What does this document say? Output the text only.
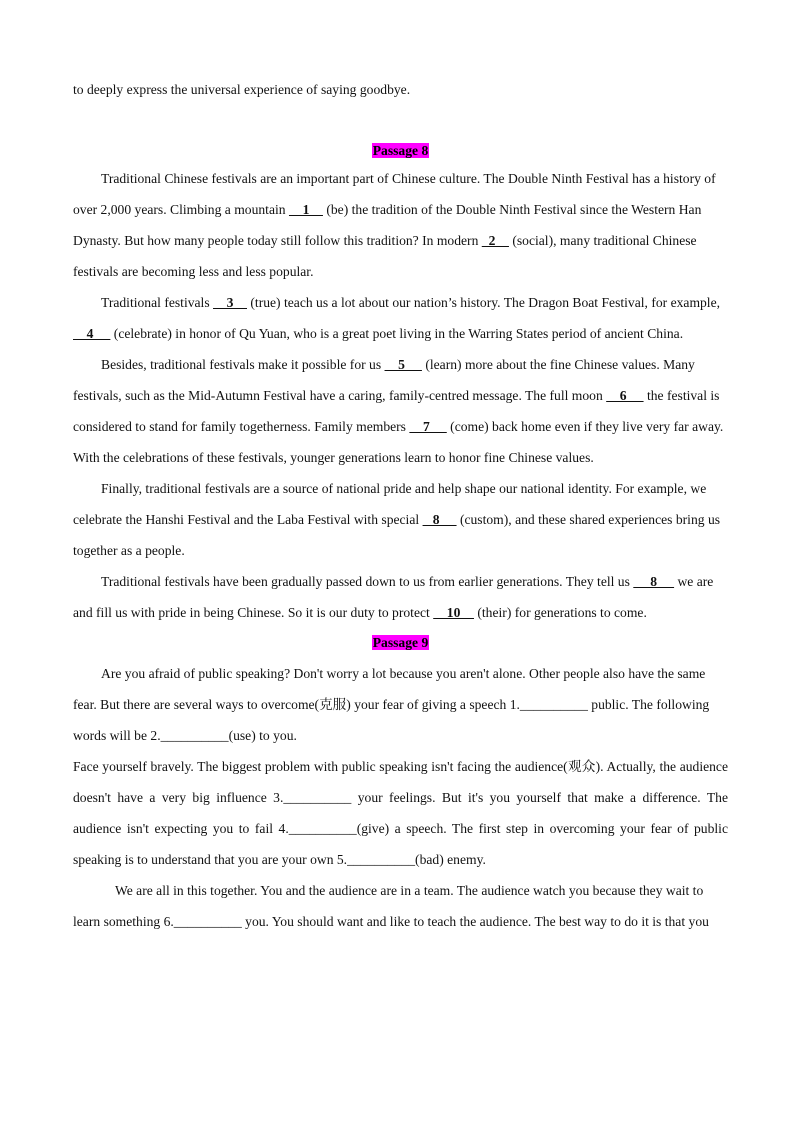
to deeply express the universal experience of saying goodbye.

Passage 8

Traditional Chinese festivals are an important part of Chinese culture. The Double Ninth Festival has a history of over 2,000 years. Climbing a mountain     1     (be) the tradition of the Double Ninth Festival since the Western Han Dynasty. But how many people today still follow this tradition? In modern   2     (social), many traditional Chinese festivals are becoming less and less popular.

Traditional festivals     3     (true) teach us a lot about our nation’s history. The Dragon Boat Festival, for example,     4      (celebrate) in honor of Qu Yuan, who is a great poet living in the Warring States period of ancient China.

Besides, traditional festivals make it possible for us     5      (learn) more about the fine Chinese values. Many festivals, such as the Mid-Autumn Festival have a caring, family-centred message. The full moon     6      the festival is considered to stand for family togetherness. Family members     7      (come) back home even if they live very far away. With the celebrations of these festivals, younger generations learn to honor fine Chinese values.

Finally, traditional festivals are a source of national pride and help shape our national identity. For example, we celebrate the Hanshi Festival and the Laba Festival with special    8      (custom), and these shared experiences bring us together as a people.

Traditional festivals have been gradually passed down to us from earlier generations. They tell us      8      we are and fill us with pride in being Chinese. So it is our duty to protect     10     (their) for generations to come.

Passage 9

Are you afraid of public speaking? Don't worry a lot because you aren't alone. Other people also have the same fear. But there are several ways to overcome(克服) your fear of giving a speech 1.__________ public. The following words will be 2.__________(use) to you.

Face yourself bravely. The biggest problem with public speaking isn't facing the audience(观众). Actually, the audience doesn't have a very big influence 3.__________ your feelings. But it's you yourself that make a difference. The audience isn't expecting you to fail 4.__________(give) a speech. The first step in overcoming your fear of public speaking is to understand that you are your own 5.__________(bad) enemy.

We are all in this together. You and the audience are in a team. The audience watch you because they wait to learn something 6.__________ you. You should want and like to teach the audience. The best way to do it is that you
